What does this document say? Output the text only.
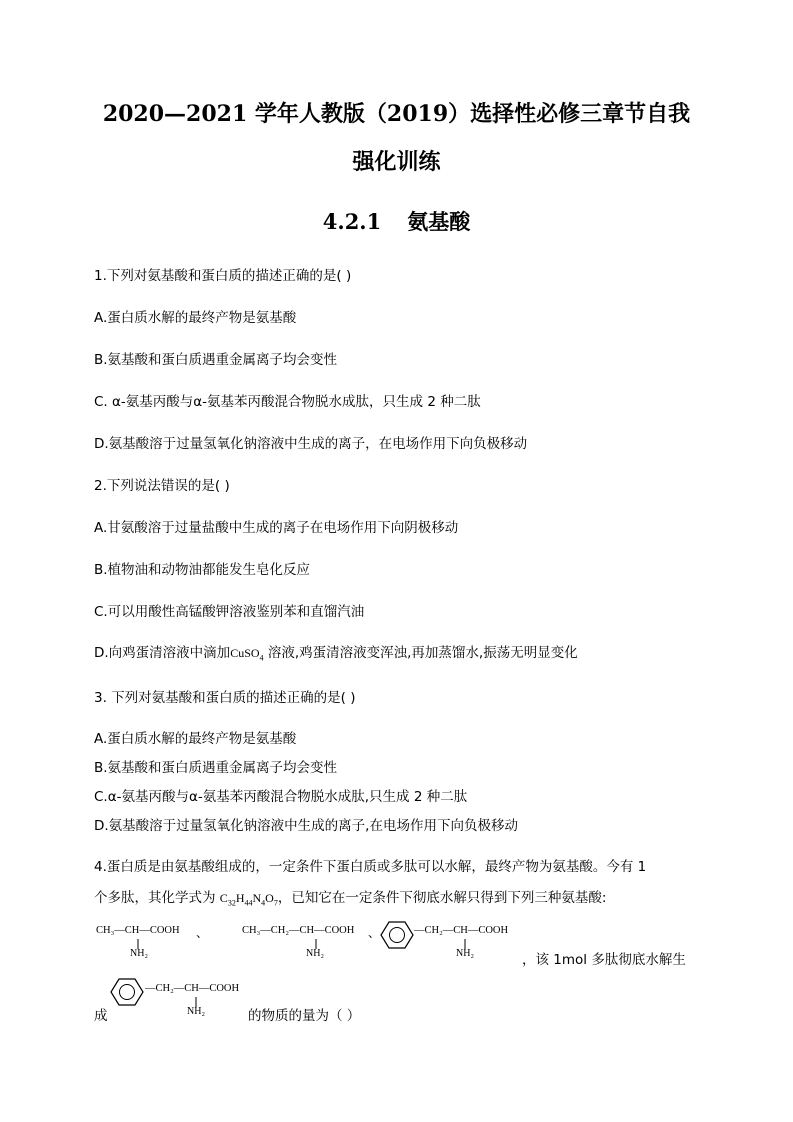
2020—2021 学年人教版（2019）选择性必修三章节自我
强化训练
4.2.1 氨基酸
1.下列对氨基酸和蛋白质的描述正确的是( )
A.蛋白质水解的最终产物是氨基酸
B.氨基酸和蛋白质遇重金属离子均会变性
C. α-氨基丙酸与α-氨基苯丙酸混合物脱水成肽，只生成 2 种二肽
D.氨基酸溶于过量氢氧化钠溶液中生成的离子，在电场作用下向负极移动
2.下列说法错误的是( )
A.甘氨酸溶于过量盐酸中生成的离子在电场作用下向阴极移动
B.植物油和动物油都能发生皂化反应
C.可以用酸性高锰酸钾溶液鉴别苯和直馏汽油
D.向鸡蛋清溶液中滴加CuSO$_4$ 溶液,鸡蛋清溶液变浑浊,再加蒸馏水,振荡无明显变化
3. 下列对氨基酸和蛋白质的描述正确的是( )
A.蛋白质水解的最终产物是氨基酸
B.氨基酸和蛋白质遇重金属离子均会变性
C.α-氨基丙酸与α-氨基苯丙酸混合物脱水成肽,只生成 2 种二肽
D.氨基酸溶于过量氢氧化钠溶液中生成的离子,在电场作用下向负极移动
4.蛋白质是由氨基酸组成的，一定条件下蛋白质或多肽可以水解，最终产物为氨基酸。今有 1
个多肽，其化学式为 $C_{32}H_{44}N_4O_7$，已知它在一定条件下彻底水解只得到下列三种氨基酸:
CH₃—CH—COOH
NH₂
、	CH₃—CH₂—CH—COOH
NH₂
、	—CH₂—CH—COOH
NH₂	，该 1mol 多肽彻底水解生
成
—CH₂—CH—COOH
NH₂	的物质的量为（ ）
